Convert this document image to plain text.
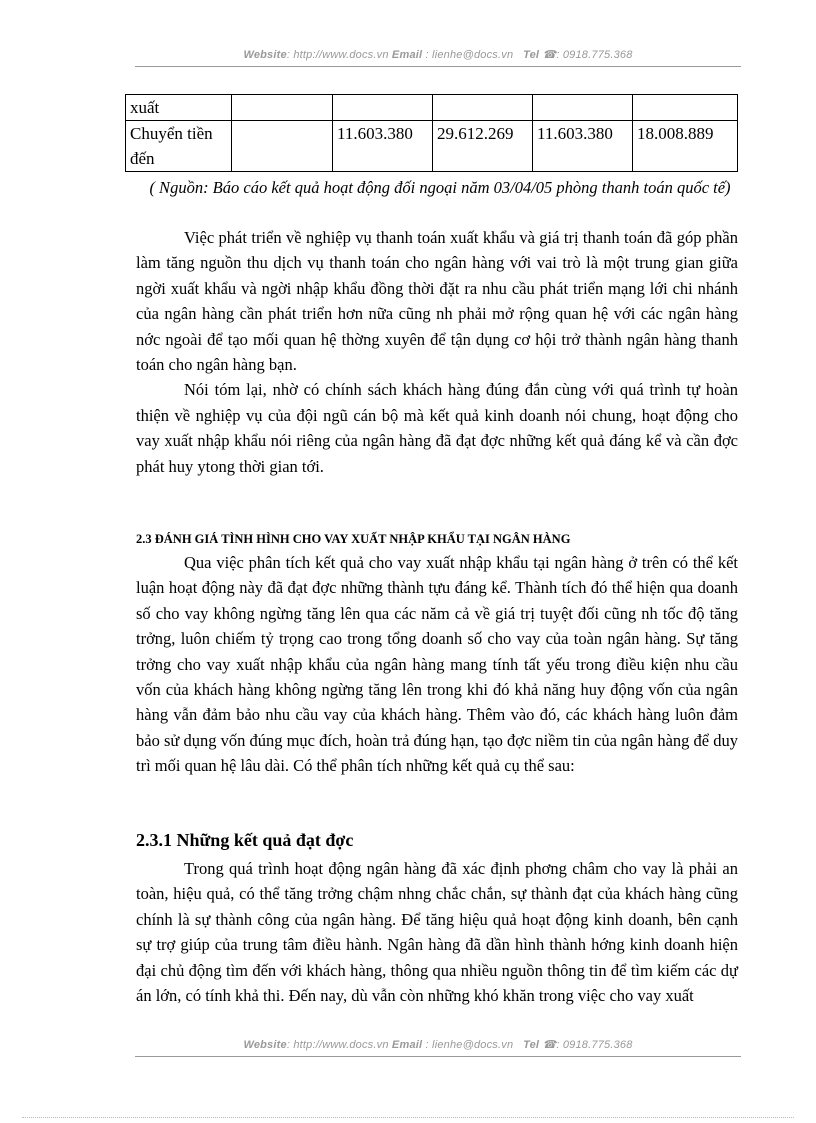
Website: http://www.docs.vn Email : lienhe@docs.vn Tel ☎: 0918.775.368
xuất					
Chuyển tiền đến		11.603.380	29.612.269	11.603.380	18.008.889
( Nguồn: Báo cáo kết quả hoạt động đối ngoại năm 03/04/05 phòng thanh toán quốc tế)

Việc phát triển về nghiệp vụ thanh toán xuất khẩu và giá trị thanh toán đã góp phần làm tăng nguồn thu dịch vụ thanh toán cho ngân hàng với vai trò là một trung gian giữa ngời xuất khẩu và ngời nhập khẩu đồng thời đặt ra nhu cầu phát triển mạng lới chi nhánh của ngân hàng cần phát triển hơn nữa cũng nh phải mở rộng quan hệ với các ngân hàng nớc ngoài để tạo mối quan hệ thờng xuyên để tận dụng cơ hội trở thành ngân hàng thanh toán cho ngân hàng bạn.

Nói tóm lại, nhờ có chính sách khách hàng đúng đắn cùng với quá trình tự hoàn thiện về nghiệp vụ của đội ngũ cán bộ mà kết quả kinh doanh nói chung, hoạt động cho vay xuất nhập khẩu nói riêng của ngân hàng đã đạt đợc những kết quả đáng kể và cần đợc phát huy ytong thời gian tới.

2.3 ĐÁNH GIÁ TÌNH HÌNH CHO VAY XUẤT NHẬP KHẨU TẠI NGÂN HÀNG

Qua việc phân tích kết quả cho vay xuất nhập khẩu tại ngân hàng ở trên có thể kết luận hoạt động này đã đạt đợc những thành tựu đáng kể. Thành tích đó thể hiện qua doanh số cho vay không ngừng tăng lên qua các năm cả về giá trị tuyệt đối cũng nh tốc độ tăng trởng, luôn chiếm tỷ trọng cao trong tổng doanh số cho vay của toàn ngân hàng. Sự tăng trởng cho vay xuất nhập khẩu của ngân hàng mang tính tất yếu trong điều kiện nhu cầu vốn của khách hàng không ngừng tăng lên trong khi đó khả năng huy động vốn của ngân hàng vẫn đảm bảo nhu cầu vay của khách hàng. Thêm vào đó, các khách hàng luôn đảm bảo sử dụng vốn đúng mục đích, hoàn trả đúng hạn, tạo đợc niềm tin của ngân hàng để duy trì mối quan hệ lâu dài. Có thể phân tích những kết quả cụ thể sau:

2.3.1 Những kết quả đạt đợc

Trong quá trình hoạt động ngân hàng đã xác định phơng châm cho vay là phải an toàn, hiệu quả, có thể tăng trởng chậm nhng chắc chắn, sự thành đạt của khách hàng cũng chính là sự thành công của ngân hàng. Để tăng hiệu quả hoạt động kinh doanh, bên cạnh sự trợ giúp của trung tâm điều hành. Ngân hàng đã dần hình thành hớng kinh doanh hiện đại chủ động tìm đến với khách hàng, thông qua nhiều nguồn thông tin để tìm kiếm các dự án lớn, có tính khả thi. Đến nay, dù vẫn còn những khó khăn trong việc cho vay xuất

Website: http://www.docs.vn Email : lienhe@docs.vn Tel ☎: 0918.775.368
